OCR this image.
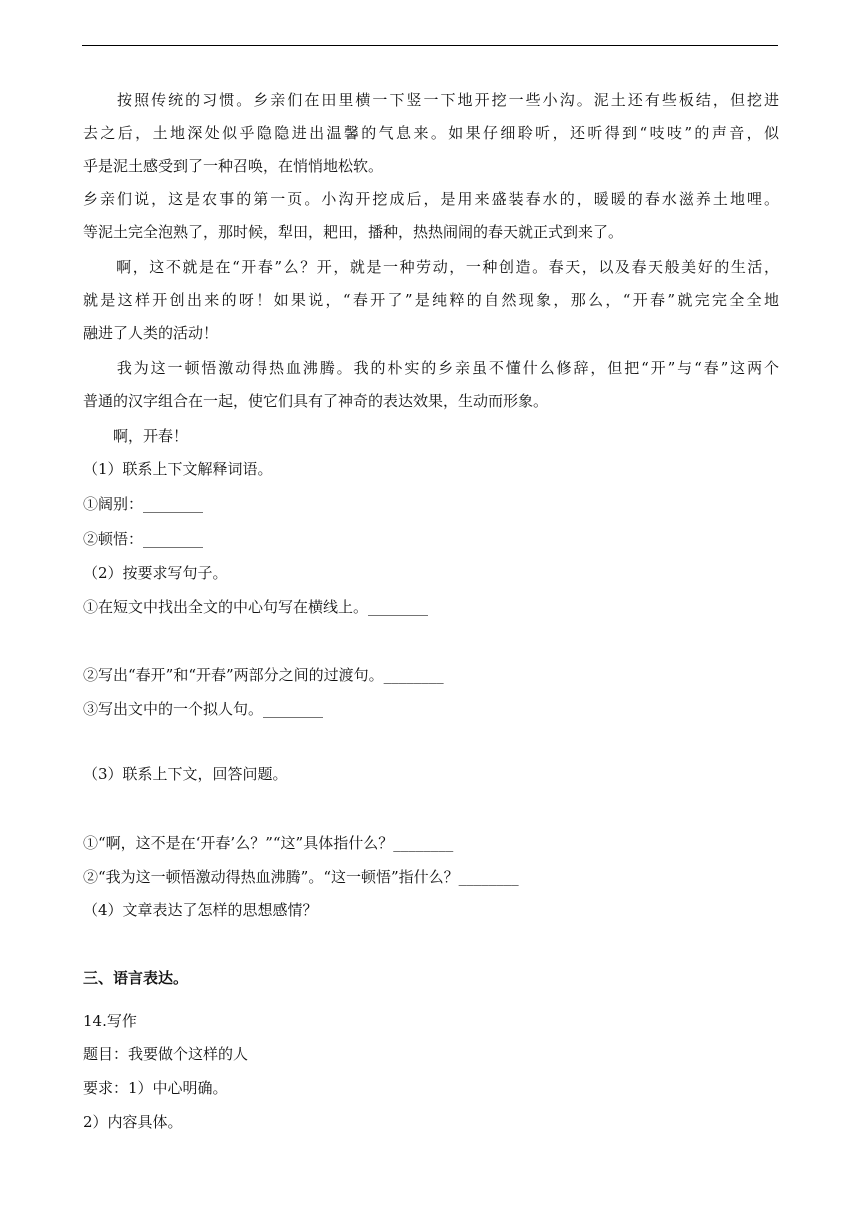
　　按照传统的习惯。乡亲们在田里横一下竖一下地开挖一些小沟。泥土还有些板结，但挖进

去之后，土地深处似乎隐隐进出温馨的气息来。如果仔细聆听，还听得到“吱吱”的声音，似

乎是泥土感受到了一种召唤，在悄悄地松软。

乡亲们说，这是农事的第一页。小沟开挖成后，是用来盛装春水的，暖暖的春水滋养土地哩。

等泥土完全泡熟了，那时候，犁田，耙田，播种，热热闹闹的春天就正式到来了。

　　啊，这不就是在“开春”么？开，就是一种劳动，一种创造。春天，以及春天般美好的生活，

就是这样开创出来的呀！如果说，“春开了”是纯粹的自然现象，那么，“开春”就完完全全地

融进了人类的活动！

　　我为这一顿悟激动得热血沸腾。我的朴实的乡亲虽不懂什么修辞，但把“开”与“春”这两个

普通的汉字组合在一起，使它们具有了神奇的表达效果，生动而形象。

　　啊，开春！

（1）联系上下文解释词语。

①阔别：________

②顿悟：________

（2）按要求写句子。

①在短文中找出全文的中心句写在横线上。________

②写出“春开”和“开春”两部分之间的过渡句。________

③写出文中的一个拟人句。________

（3）联系上下文，回答问题。

①“啊，这不是在‘开春’么？”“这”具体指什么？________

②“我为这一顿悟激动得热血沸腾”。“这一顿悟”指什么？________

（4）文章表达了怎样的思想感情？

三、语言表达。

14.写作

题目：我要做个这样的人

要求：1）中心明确。

2）内容具体。
